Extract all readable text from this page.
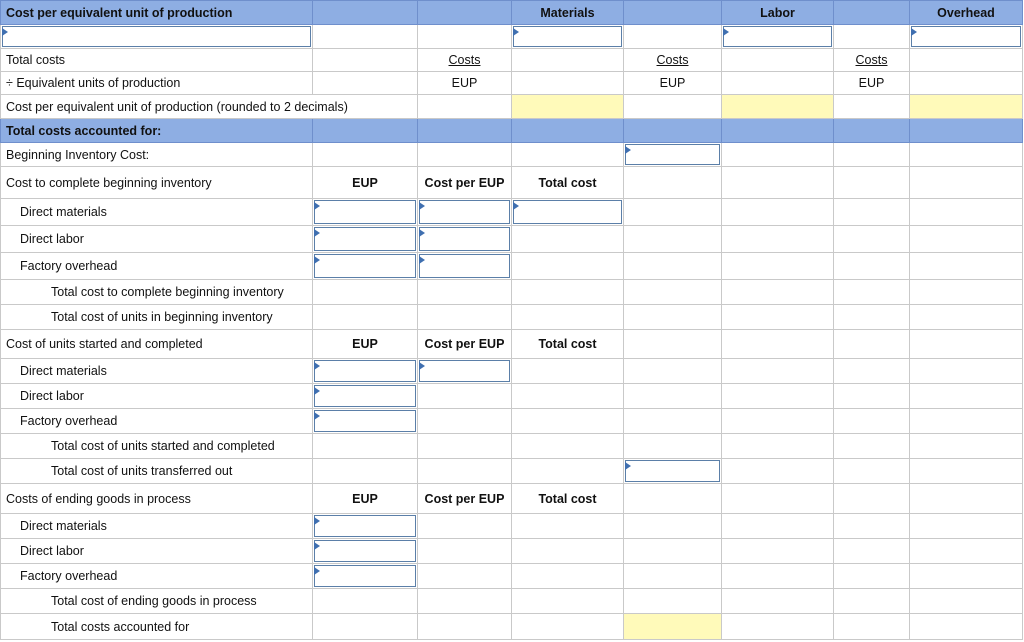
Cost per equivalent unit of production			Materials		Labor		Overhead

Total costs		Costs		Costs		Costs	
÷ Equivalent units of production		EUP		EUP		EUP	
Cost per equivalent unit of production (rounded to 2 decimals)							
Total costs accounted for:							
Beginning Inventory Cost:				

Cost to complete beginning inventory	EUP	Cost per EUP	Total cost				
Direct materials	

Direct labor	

Factory overhead	

Total cost to complete beginning inventory							
Total cost of units in beginning inventory							
Cost of units started and completed	EUP	Cost per EUP	Total cost				
Direct materials	

Direct labor	

Factory overhead	

Total cost of units started and completed							
Total cost of units transferred out				

Costs of ending goods in process	EUP	Cost per EUP	Total cost				
Direct materials	

Direct labor	

Factory overhead	

Total cost of ending goods in process							
Total costs accounted for							
